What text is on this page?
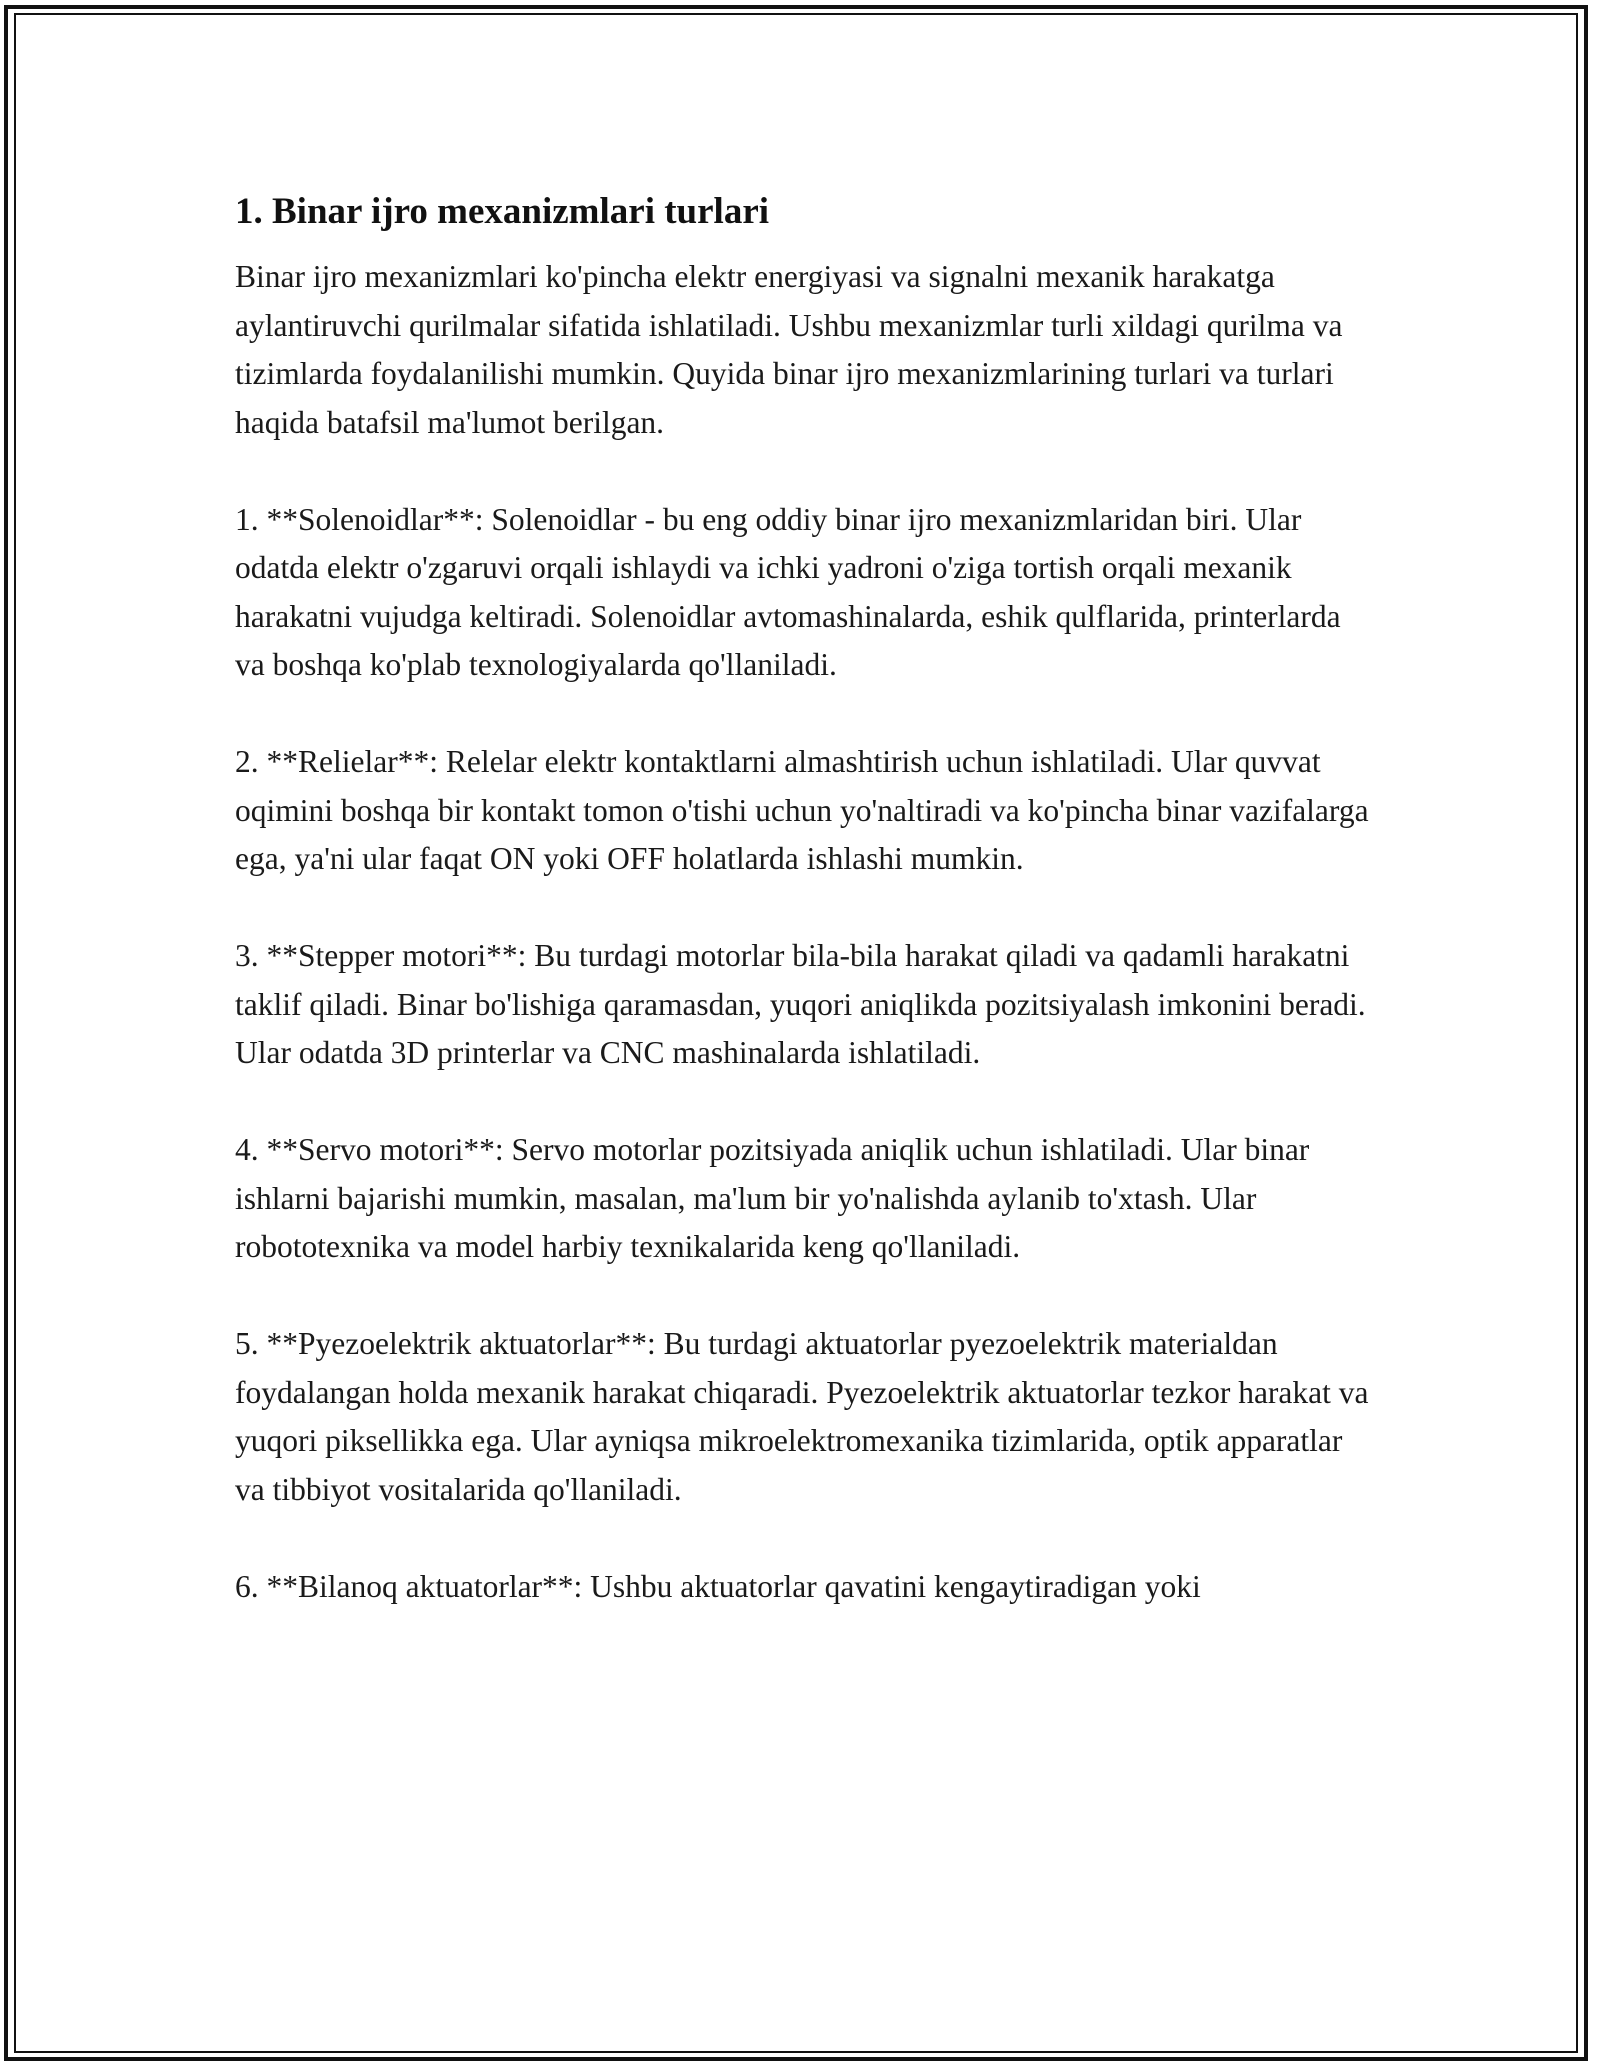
1. Binar ijro mexanizmlari turlari

Binar ijro mexanizmlari ko'pincha elektr energiyasi va signalni mexanik harakatga aylantiruvchi qurilmalar sifatida ishlatiladi. Ushbu mexanizmlar turli xildagi qurilma va tizimlarda foydalanilishi mumkin. Quyida binar ijro mexanizmlarining turlari va turlari haqida batafsil ma'lumot berilgan.

1. **Solenoidlar**: Solenoidlar - bu eng oddiy binar ijro mexanizmlaridan biri. Ular odatda elektr o'zgaruvi orqali ishlaydi va ichki yadroni o'ziga tortish orqali mexanik harakatni vujudga keltiradi. Solenoidlar avtomashinalarda, eshik qulflarida, printerlarda va boshqa ko'plab texnologiyalarda qo'llaniladi.

2. **Relielar**: Relelar elektr kontaktlarni almashtirish uchun ishlatiladi. Ular quvvat oqimini boshqa bir kontakt tomon o'tishi uchun yo'naltiradi va ko'pincha binar vazifalarga ega, ya'ni ular faqat ON yoki OFF holatlarda ishlashi mumkin.

3. **Stepper motori**: Bu turdagi motorlar bila-bila harakat qiladi va qadamli harakatni taklif qiladi. Binar bo'lishiga qaramasdan, yuqori aniqlikda pozitsiyalash imkonini beradi. Ular odatda 3D printerlar va CNC mashinalarda ishlatiladi.

4. **Servo motori**: Servo motorlar pozitsiyada aniqlik uchun ishlatiladi. Ular binar ishlarni bajarishi mumkin, masalan, ma'lum bir yo'nalishda aylanib to'xtash. Ular robototexnika va model harbiy texnikalarida keng qo'llaniladi.

5. **Pyezoelektrik aktuatorlar**: Bu turdagi aktuatorlar pyezoelektrik materialdan foydalangan holda mexanik harakat chiqaradi. Pyezoelektrik aktuatorlar tezkor harakat va yuqori piksellikka ega. Ular ayniqsa mikroelektromexanika tizimlarida, optik apparatlar va tibbiyot vositalarida qo'llaniladi.

6. **Bilanoq aktuatorlar**: Ushbu aktuatorlar qavatini kengaytiradigan yoki
